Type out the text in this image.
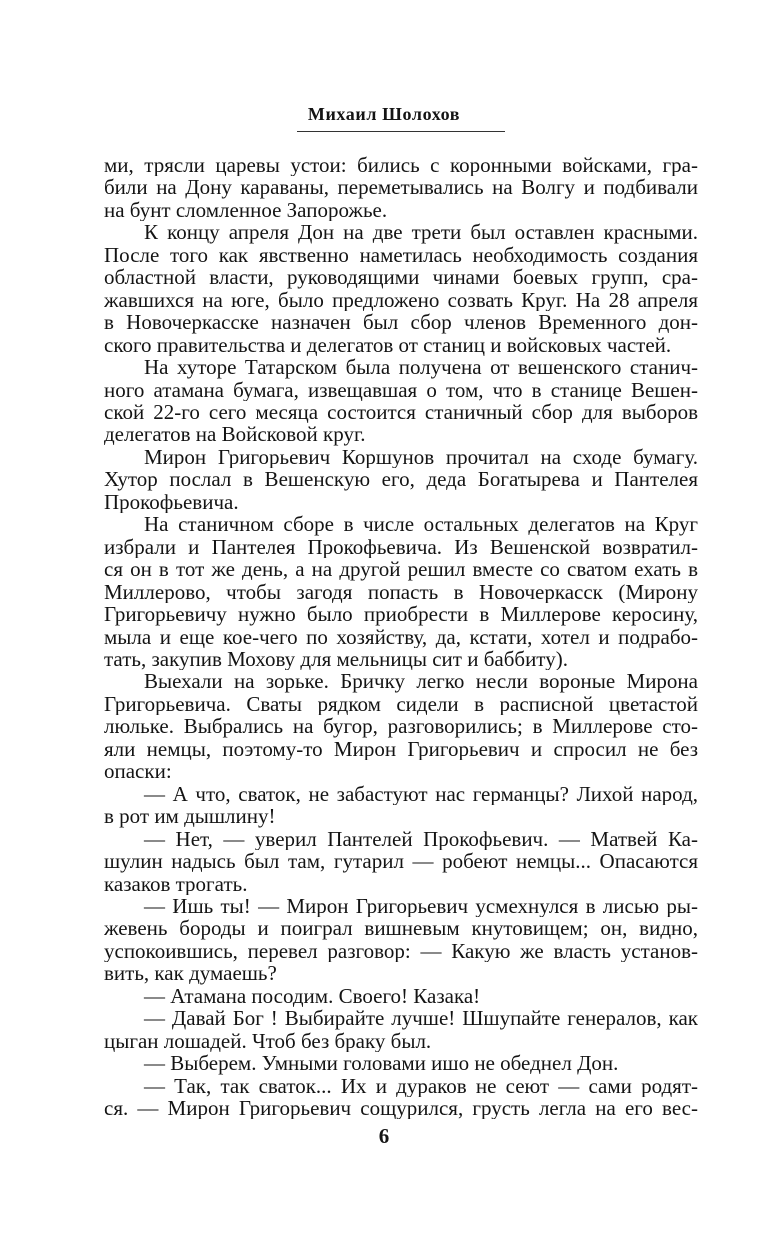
Михаил Шолохов
ми, трясли царевы устои: бились с коронными войсками, гра-
били на Дону караваны, переметывались на Волгу и подбивали
на бунт сломленное Запорожье.
К концу апреля Дон на две трети был оставлен красными.
После того как явственно наметилась необходимость создания
областной власти, руководящими чинами боевых групп, сра-
жавшихся на юге, было предложено созвать Круг. На 28 апреля
в Новочеркасске назначен был сбор членов Временного дон-
ского правительства и делегатов от станиц и войсковых частей.
На хуторе Татарском была получена от вешенского станич-
ного атамана бумага, извещавшая о том, что в станице Вешен-
ской 22-го сего месяца состоится станичный сбор для выборов
делегатов на Войсковой круг.
Мирон Григорьевич Коршунов прочитал на сходе бумагу.
Хутор послал в Вешенскую его, деда Богатырева и Пантелея
Прокофьевича.
На станичном сборе в числе остальных делегатов на Круг
избрали и Пантелея Прокофьевича. Из Вешенской возвратил-
ся он в тот же день, а на другой решил вместе со сватом ехать в
Миллерово, чтобы загодя попасть в Новочеркасск (Мирону
Григорьевичу нужно было приобрести в Миллерове керосину,
мыла и еще кое-чего по хозяйству, да, кстати, хотел и подрабо-
тать, закупив Мохову для мельницы сит и баббиту).
Выехали на зорьке. Бричку легко несли вороные Мирона
Григорьевича. Сваты рядком сидели в расписной цветастой
люльке. Выбрались на бугор, разговорились; в Миллерове сто-
яли немцы, поэтому-то Мирон Григорьевич и спросил не без
опаски:
— А что, сваток, не забастуют нас германцы? Лихой народ,
в рот им дышлину!
— Нет, — уверил Пантелей Прокофьевич. — Матвей Ка-
шулин надысь был там, гутарил — робеют немцы... Опасаются
казаков трогать.
— Ишь ты! — Мирон Григорьевич усмехнулся в лисью ры-
жевень бороды и поиграл вишневым кнутовищем; он, видно,
успокоившись, перевел разговор: — Какую же власть установ-
вить, как думаешь?
— Атамана посодим. Своего! Казака!
— Давай Бог ! Выбирайте лучше! Шшупайте генералов, как
цыган лошадей. Чтоб без браку был.
— Выберем. Умными головами ишо не обеднел Дон.
— Так, так сваток... Их и дураков не сеют — сами родят-
ся. — Мирон Григорьевич сощурился, грусть легла на его вес-
6
